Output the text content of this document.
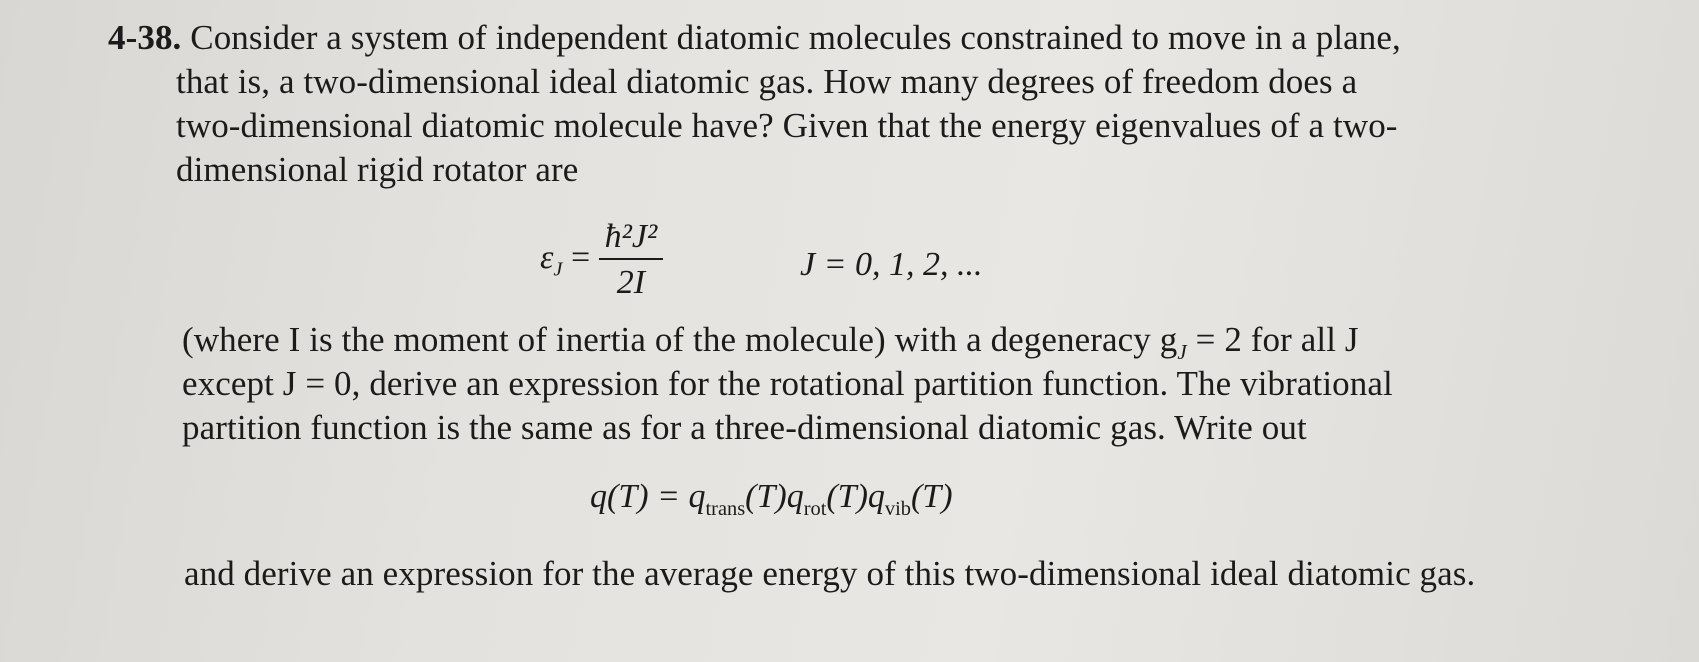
4-38. Consider a system of independent diatomic molecules constrained to move in a plane,
that is, a two-dimensional ideal diatomic gas. How many degrees of freedom does a
two-dimensional diatomic molecule have? Given that the energy eigenvalues of a two-
dimensional rigid rotator are
$\varepsilon_J = \frac{\text{ħ²J²}}{2I}$	J = 0, 1, 2, ...
(where I is the moment of inertia of the molecule) with a degeneracy $g_J = 2$ for all J
except J = 0, derive an expression for the rotational partition function. The vibrational
partition function is the same as for a three-dimensional diatomic gas. Write out
$q(T) = q_{trans}(T)q_{rot}(T)q_{vib}(T)$
and derive an expression for the average energy of this two-dimensional ideal diatomic gas.
